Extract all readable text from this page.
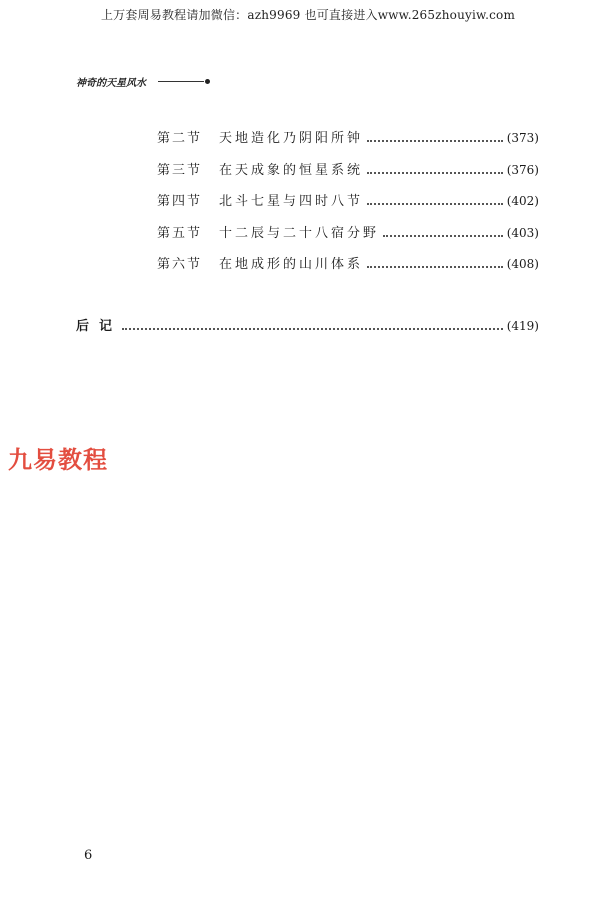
上万套周易教程请加微信：azh9969 也可直接进入www.265zhouyiw.com
神奇的天星风水
第二节	天地造化乃阴阳所钟	(373)
第三节	在天成象的恒星系统	(376)
第四节	北斗七星与四时八节	(402)
第五节	十二辰与二十八宿分野	(403)
第六节	在地成形的山川体系	(408)
后记	(419)
九易教程
6
